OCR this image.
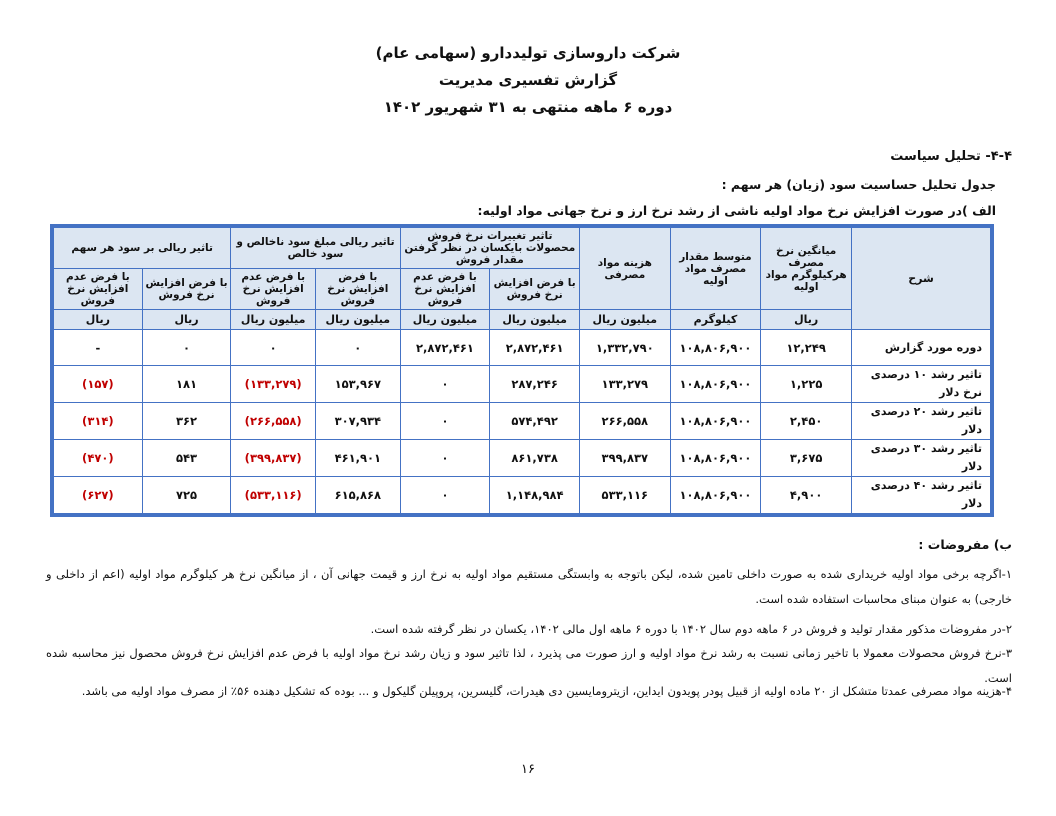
شرکت داروسازی تولیددارو (سهامی عام)
گزارش تفسیری مدیریت
دوره ۶ ماهه منتهی به ۳۱ شهریور ۱۴۰۲
۴-۴- تحلیل سیاست
جدول تحلیل حساسیت سود (زیان) هر سهم :
الف )در صورت افزایش نرخ مواد اولیه ناشی از رشد نرخ ارز و نرخ جهانی مواد اولیه:
شرح	میانگین نرخ مصرف هرکیلوگرم مواد اولیه	متوسط مقدار مصرف مواد اولیه	هزینه مواد مصرفی	تاثیر تغییرات نرخ فروش محصولات بایکسان در نظر گرفتن مقدار فروش		تاثیر ریالی مبلغ سود ناخالص و سود خالص		تاثیر ریالی بر سود هر سهم	
				با فرض افزایش نرخ فروش	با فرض عدم افزایش نرخ فروش	با فرض افزایش نرخ فروش	با فرض عدم افزایش نرخ فروش	با فرض افزایش نرخ فروش	با فرض عدم افزایش نرخ فروش
	ریال	کیلوگرم	میلیون ریال	میلیون ریال	میلیون ریال	میلیون ریال	میلیون ریال	ریال	ریال
دوره مورد گزارش	۱۲,۲۴۹	۱۰۸,۸۰۶,۹۰۰	۱,۳۳۲,۷۹۰	۲,۸۷۲,۴۶۱	۲,۸۷۲,۴۶۱	۰	۰	۰	-
تاثیر رشد ۱۰ درصدی نرخ دلار	۱,۲۲۵	۱۰۸,۸۰۶,۹۰۰	۱۳۳,۲۷۹	۲۸۷,۲۴۶	۰	۱۵۳,۹۶۷	(۱۳۳,۲۷۹)	۱۸۱	(۱۵۷)
تاثیر رشد ۲۰ درصدی دلار	۲,۴۵۰	۱۰۸,۸۰۶,۹۰۰	۲۶۶,۵۵۸	۵۷۴,۴۹۲	۰	۳۰۷,۹۳۴	(۲۶۶,۵۵۸)	۳۶۲	(۳۱۴)
تاثیر رشد ۳۰ درصدی دلار	۳,۶۷۵	۱۰۸,۸۰۶,۹۰۰	۳۹۹,۸۳۷	۸۶۱,۷۳۸	۰	۴۶۱,۹۰۱	(۳۹۹,۸۳۷)	۵۴۳	(۴۷۰)
تاثیر رشد ۴۰ درصدی دلار	۴,۹۰۰	۱۰۸,۸۰۶,۹۰۰	۵۳۳,۱۱۶	۱,۱۴۸,۹۸۴	۰	۶۱۵,۸۶۸	(۵۳۳,۱۱۶)	۷۲۵	(۶۲۷)
ب) مفروضات :
۱-اگرچه برخی مواد اولیه خریداری شده به صورت داخلی تامین شده، لیکن باتوجه به وابستگی مستقیم مواد اولیه به نرخ ارز و قیمت جهانی آن ، از میانگین نرخ هر کیلوگرم مواد اولیه (اعم از داخلی و خارجی) به عنوان مبنای محاسبات استفاده شده است.
۲-در مفروضات مذکور مقدار تولید و فروش در ۶ ماهه دوم سال ۱۴۰۲ با دوره ۶ ماهه اول مالی ۱۴۰۲، یکسان در نظر گرفته شده است.
۳-نرخ فروش محصولات معمولا با تاخیر زمانی نسبت به رشد نرخ مواد اولیه و ارز صورت می پذیرد ، لذا تاثیر سود و زیان رشد نرخ مواد اولیه با فرض عدم افزایش نرخ فروش محصول نیز محاسبه شده است.
۴-هزینه مواد مصرفی عمدتا متشکل از ۲۰ ماده اولیه از قبیل پودر پویدون ایداین، ازیترومایسین دی هیدرات، گلیسرین، پروپیلن گلیکول و ... بوده که تشکیل دهنده ۵۶٪ از مصرف مواد اولیه می باشد.
۱۶
